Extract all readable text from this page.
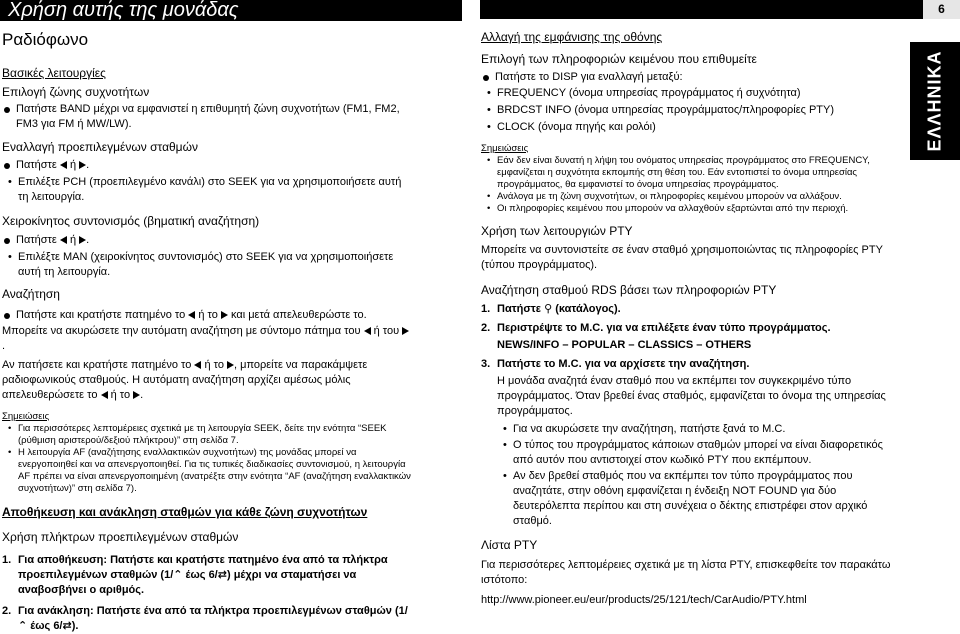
Χρήση αυτής της μονάδας	6
ΕΛΛΗΝΙΚΑ

Ραδιόφωνο

Βασικές λειτουργίες

Επιλογή ζώνης συχνοτήτων

Πατήστε BAND μέχρι να εμφανιστεί η επιθυμητή ζώνη συχνοτήτων (FM1, FM2, FM3 για FM ή MW/LW).

Εναλλαγή προεπιλεγμένων σταθμών

Πατήστε ή .

• Επιλέξτε PCH (προεπιλεγμένο κανάλι) στο SEEK για να χρησιμοποιήσετε αυτή τη λειτουργία.

Χειροκίνητος συντονισμός (βηματική αναζήτηση)

Πατήστε ή .

• Επιλέξτε MAN (χειροκίνητος συντονισμός) στο SEEK για να χρησιμοποιήσετε αυτή τη λειτουργία.

Αναζήτηση

Πατήστε και κρατήστε πατημένο το ή το και μετά απελευθερώστε το.

Μπορείτε να ακυρώσετε την αυτόματη αναζήτηση με σύντομο πάτημα του ή του .

Αν πατήσετε και κρατήστε πατημένο το ή το , μπορείτε να παρακάμψετε ραδιοφωνικούς σταθμούς. Η αυτόματη αναζήτηση αρχίζει αμέσως μόλις απελευθερώσετε το ή το .

Σημειώσεις

• Για περισσότερες λεπτομέρειες σχετικά με τη λειτουργία SEEK, δείτε την ενότητα “SEEK (ρύθμιση αριστερού/δεξιού πλήκτρου)” στη σελίδα 7.

• Η λειτουργία AF (αναζήτησης εναλλακτικών συχνοτήτων) της μονάδας μπορεί να ενεργοποιηθεί και να απενεργοποιηθεί. Για τις τυπικές διαδικασίες συντονισμού, η λειτουργία AF πρέπει να είναι απενεργοποιημένη (ανατρέξτε στην ενότητα “AF (αναζήτηση εναλλακτικών συχνοτήτων)” στη σελίδα 7).

Αποθήκευση και ανάκληση σταθμών για κάθε ζώνη συχνοτήτων

Χρήση πλήκτρων προεπιλεγμένων σταθμών

1. Για αποθήκευση: Πατήστε και κρατήστε πατημένο ένα από τα πλήκτρα προεπιλεγμένων σταθμών (1/⌃ έως 6/⇄) μέχρι να σταματήσει να αναβοσβήνει ο αριθμός.

2. Για ανάκληση: Πατήστε ένα από τα πλήκτρα προεπιλεγμένων σταθμών (1/⌃ έως 6/⇄).

Αλλαγή της εμφάνισης της οθόνης

Επιλογή των πληροφοριών κειμένου που επιθυμείτε

Πατήστε το DISP για εναλλαγή μεταξύ:

• FREQUENCY (όνομα υπηρεσίας προγράμματος ή συχνότητα)

• BRDCST INFO (όνομα υπηρεσίας προγράμματος/πληροφορίες PTY)

• CLOCK (όνομα πηγής και ρολόι)

Σημειώσεις

• Εάν δεν είναι δυνατή η λήψη του ονόματος υπηρεσίας προγράμματος στο FREQUENCY, εμφανίζεται η συχνότητα εκπομπής στη θέση του. Εάν εντοπιστεί το όνομα υπηρεσίας προγράμματος, θα εμφανιστεί το όνομα υπηρεσίας προγράμματος.

• Ανάλογα με τη ζώνη συχνοτήτων, οι πληροφορίες κειμένου μπορούν να αλλάξουν.

• Οι πληροφορίες κειμένου που μπορούν να αλλαχθούν εξαρτώνται από την περιοχή.

Χρήση των λειτουργιών PTY

Μπορείτε να συντονιστείτε σε έναν σταθμό χρησιμοποιώντας τις πληροφορίες PTY (τύπου προγράμματος).

Αναζήτηση σταθμού RDS βάσει των πληροφοριών PTY

1. Πατήστε ⚲ (κατάλογος).

2. Περιστρέψτε το M.C. για να επιλέξετε έναν τύπο προγράμματος.

NEWS/INFO – POPULAR – CLASSICS – OTHERS

3. Πατήστε το M.C. για να αρχίσετε την αναζήτηση.

Η μονάδα αναζητά έναν σταθμό που να εκπέμπει τον συγκεκριμένο τύπο προγράμματος. Όταν βρεθεί ένας σταθμός, εμφανίζεται το όνομα της υπηρεσίας προγράμματος.

• Για να ακυρώσετε την αναζήτηση, πατήστε ξανά το M.C.

• Ο τύπος του προγράμματος κάποιων σταθμών μπορεί να είναι διαφορετικός από αυτόν που αντιστοιχεί στον κωδικό PTY που εκπέμπουν.

• Αν δεν βρεθεί σταθμός που να εκπέμπει τον τύπο προγράμματος που αναζητάτε, στην οθόνη εμφανίζεται η ένδειξη NOT FOUND για δύο δευτερόλεπτα περίπου και στη συνέχεια ο δέκτης επιστρέφει στον αρχικό σταθμό.

Λίστα PTY

Για περισσότερες λεπτομέρειες σχετικά με τη λίστα PTY, επισκεφθείτε τον παρακάτω ιστότοπο:

http://www.pioneer.eu/eur/products/25/121/tech/CarAudio/PTY.html
